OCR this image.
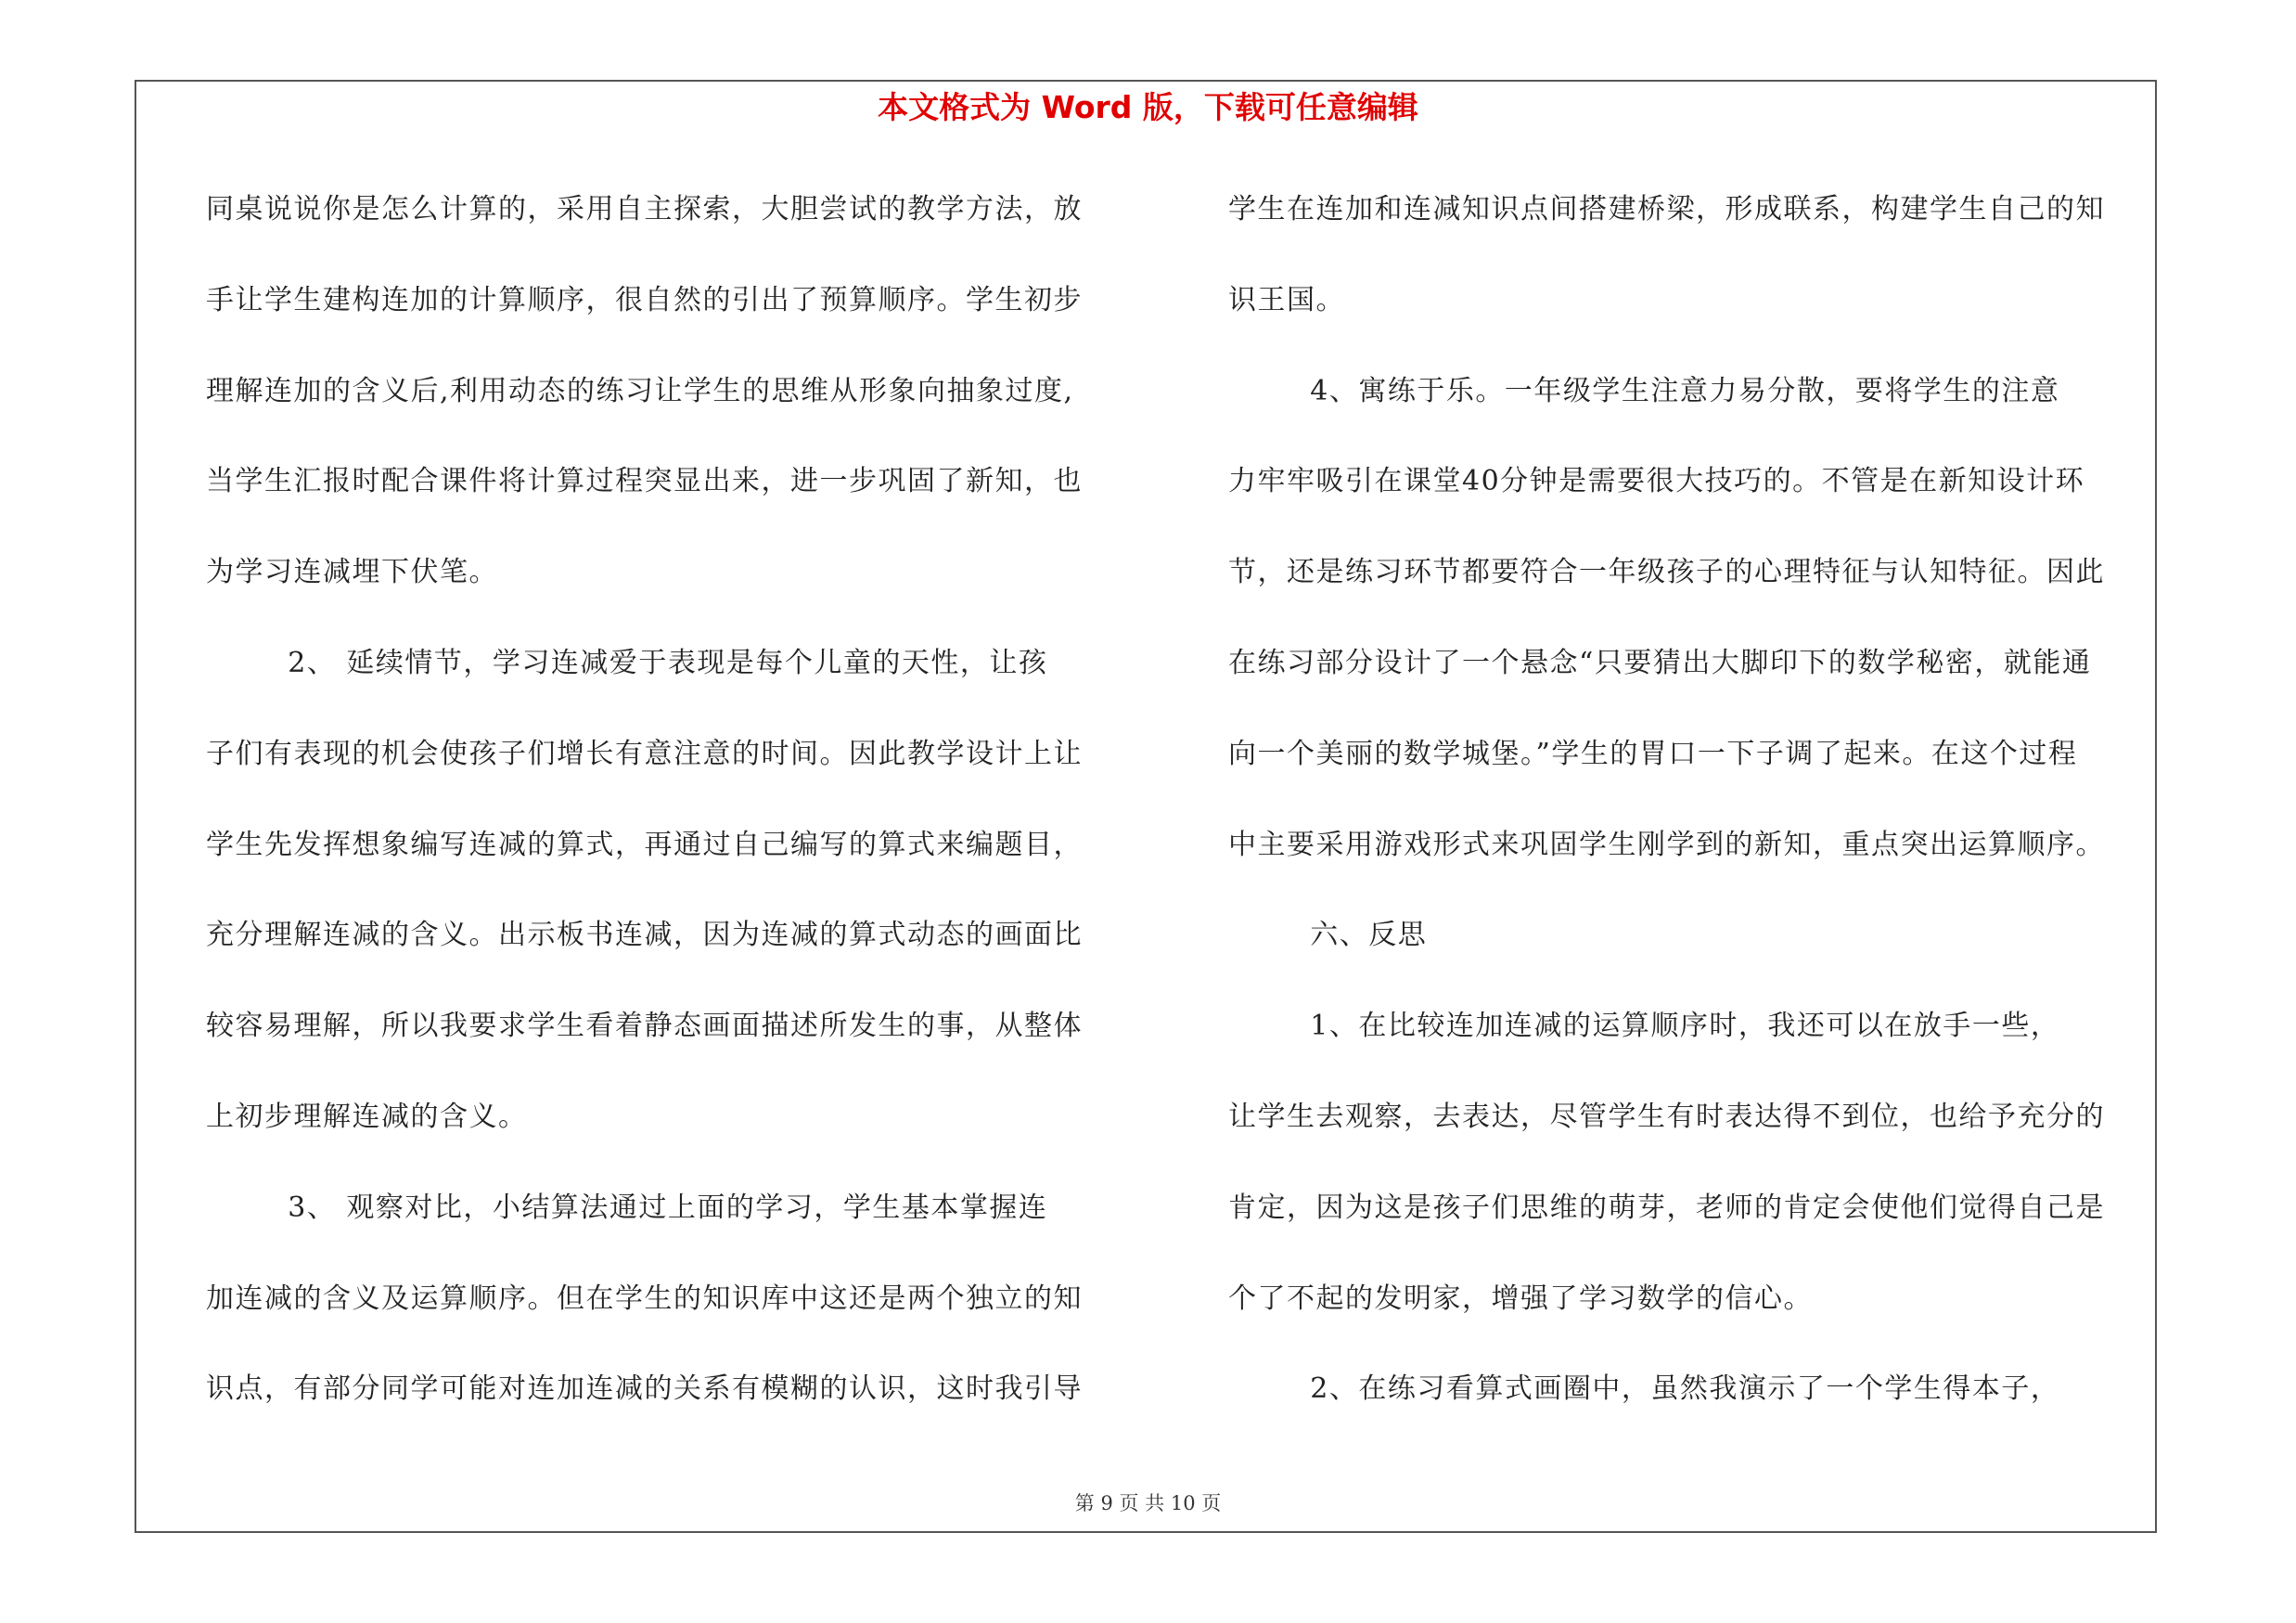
本文格式为 Word 版，下载可任意编辑
同桌说说你是怎么计算的，采用自主探索，大胆尝试的教学方法，放
手让学生建构连加的计算顺序，很自然的引出了预算顺序。学生初步
理解连加的含义后,利用动态的练习让学生的思维从形象向抽象过度,
当学生汇报时配合课件将计算过程突显出来，进一步巩固了新知，也
为学习连减埋下伏笔。
2、 延续情节，学习连减爱于表现是每个儿童的天性，让孩
子们有表现的机会使孩子们增长有意注意的时间。因此教学设计上让
学生先发挥想象编写连减的算式，再通过自己编写的算式来编题目，
充分理解连减的含义。出示板书连减，因为连减的算式动态的画面比
较容易理解，所以我要求学生看着静态画面描述所发生的事，从整体
上初步理解连减的含义。
3、 观察对比，小结算法通过上面的学习，学生基本掌握连
加连减的含义及运算顺序。但在学生的知识库中这还是两个独立的知
识点，有部分同学可能对连加连减的关系有模糊的认识，这时我引导
学生在连加和连减知识点间搭建桥梁，形成联系，构建学生自己的知
识王国。
4、寓练于乐。一年级学生注意力易分散，要将学生的注意
力牢牢吸引在课堂40分钟是需要很大技巧的。不管是在新知设计环
节，还是练习环节都要符合一年级孩子的心理特征与认知特征。因此
在练习部分设计了一个悬念“只要猜出大脚印下的数学秘密，就能通
向一个美丽的数学城堡。”学生的胃口一下子调了起来。在这个过程
中主要采用游戏形式来巩固学生刚学到的新知，重点突出运算顺序。
六、反思
1、在比较连加连减的运算顺序时，我还可以在放手一些，
让学生去观察，去表达，尽管学生有时表达得不到位，也给予充分的
肯定，因为这是孩子们思维的萌芽，老师的肯定会使他们觉得自己是
个了不起的发明家，增强了学习数学的信心。
2、在练习看算式画圈中，虽然我演示了一个学生得本子，
第 9 页 共 10 页
